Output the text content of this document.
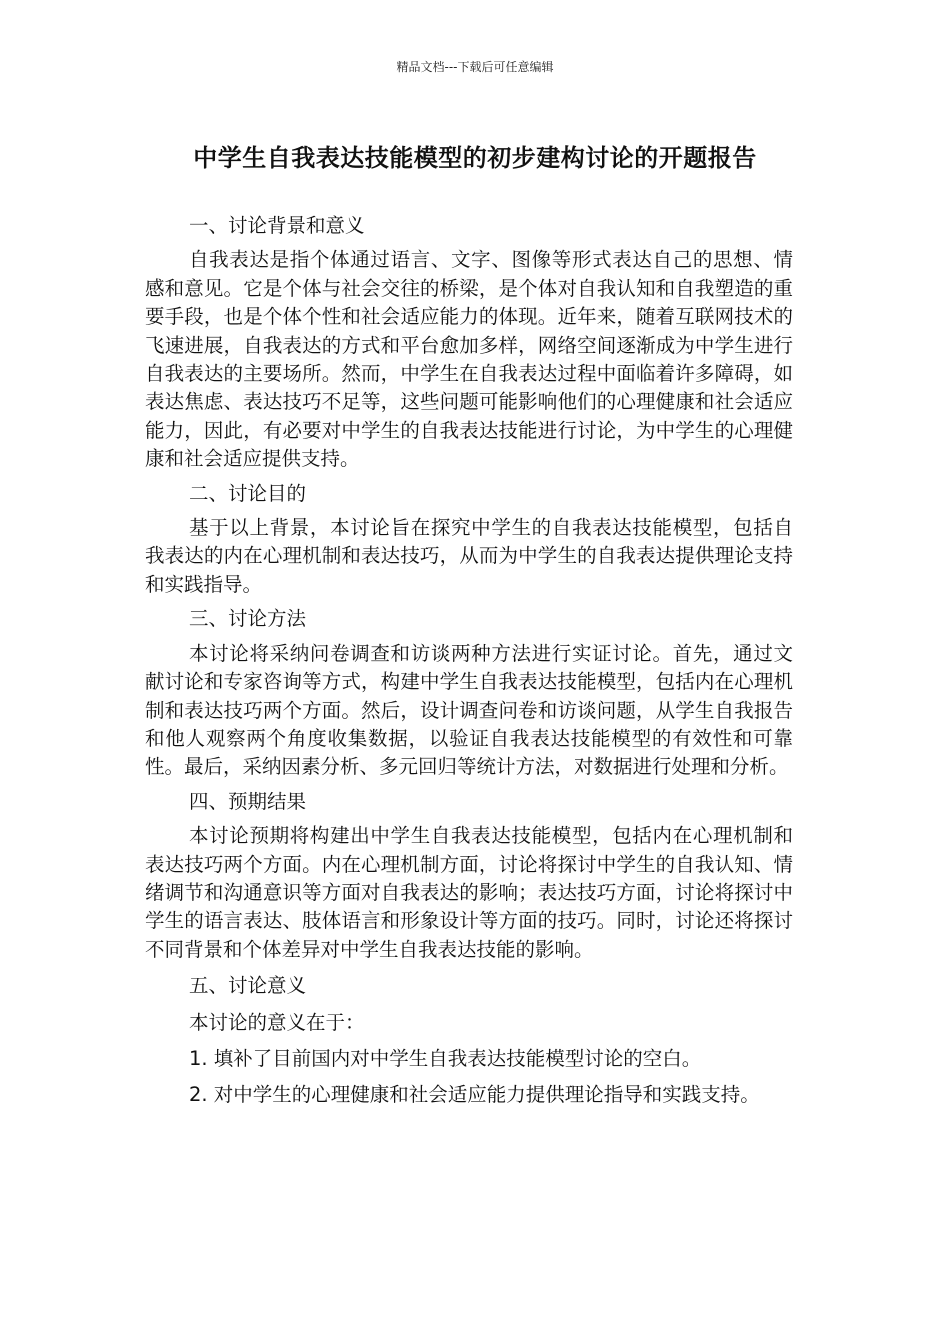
精品文档---下载后可任意编辑
中学生自我表达技能模型的初步建构讨论的开题报告

一、讨论背景和意义

自我表达是指个体通过语言、文字、图像等形式表达自己的思想、情感和意见。它是个体与社会交往的桥梁，是个体对自我认知和自我塑造的重要手段，也是个体个性和社会适应能力的体现。近年来，随着互联网技术的飞速进展，自我表达的方式和平台愈加多样，网络空间逐渐成为中学生进行自我表达的主要场所。然而，中学生在自我表达过程中面临着许多障碍，如表达焦虑、表达技巧不足等，这些问题可能影响他们的心理健康和社会适应能力，因此，有必要对中学生的自我表达技能进行讨论，为中学生的心理健康和社会适应提供支持。

二、讨论目的

基于以上背景，本讨论旨在探究中学生的自我表达技能模型，包括自我表达的内在心理机制和表达技巧，从而为中学生的自我表达提供理论支持和实践指导。

三、讨论方法

本讨论将采纳问卷调查和访谈两种方法进行实证讨论。首先，通过文献讨论和专家咨询等方式，构建中学生自我表达技能模型，包括内在心理机制和表达技巧两个方面。然后，设计调查问卷和访谈问题，从学生自我报告和他人观察两个角度收集数据，以验证自我表达技能模型的有效性和可靠性。最后，采纳因素分析、多元回归等统计方法，对数据进行处理和分析。

四、预期结果

本讨论预期将构建出中学生自我表达技能模型，包括内在心理机制和表达技巧两个方面。内在心理机制方面，讨论将探讨中学生的自我认知、情绪调节和沟通意识等方面对自我表达的影响；表达技巧方面，讨论将探讨中学生的语言表达、肢体语言和形象设计等方面的技巧。同时，讨论还将探讨不同背景和个体差异对中学生自我表达技能的影响。

五、讨论意义

本讨论的意义在于：

1. 填补了目前国内对中学生自我表达技能模型讨论的空白。

2. 对中学生的心理健康和社会适应能力提供理论指导和实践支持。
